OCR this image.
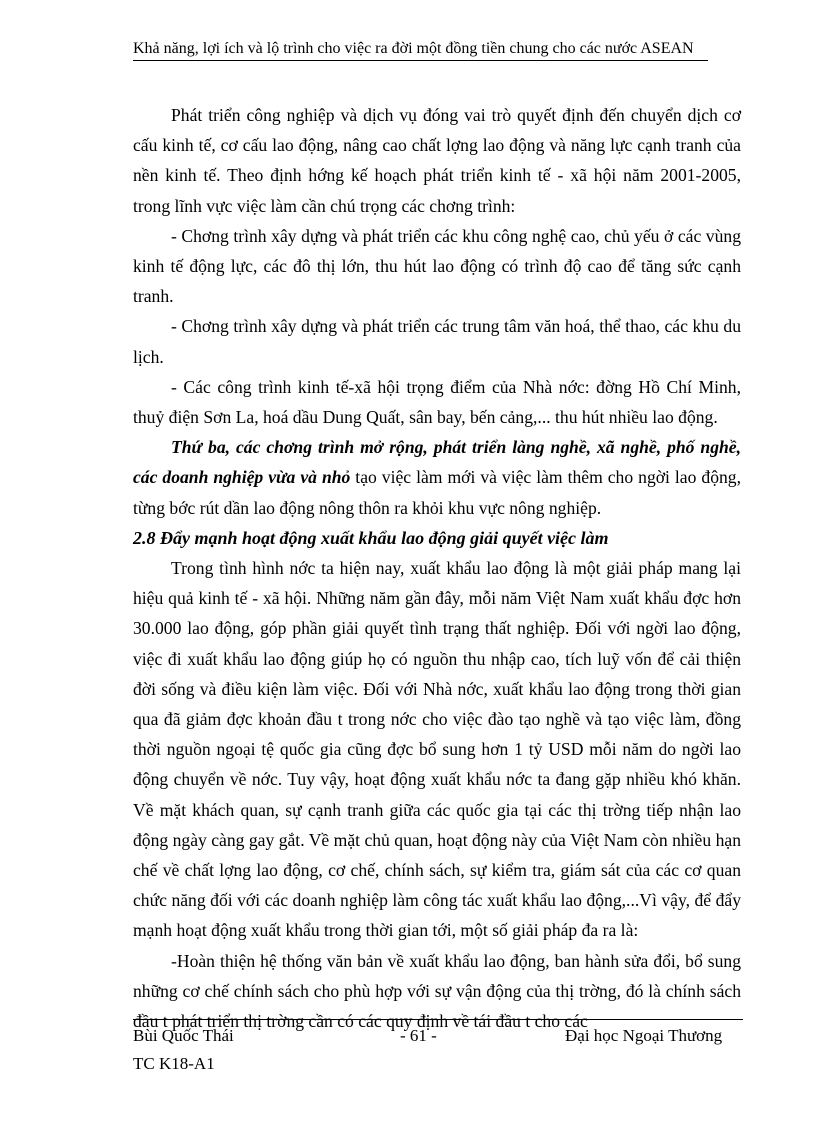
Khả năng, lợi ích và lộ trình cho việc ra đời một đồng tiền chung cho các nước ASEAN

Phát triển công nghiệp và dịch vụ đóng vai trò quyết định đến chuyển dịch cơ cấu kinh tế, cơ cấu lao động, nâng cao chất lợng lao động và năng lực cạnh tranh của nền kinh tế. Theo định hớng kế hoạch phát triển kinh tế - xã hội năm 2001-2005, trong lĩnh vực việc làm cần chú trọng các chơng trình:

- Chơng trình xây dựng và phát triển các khu công nghệ cao, chủ yếu ở các vùng kinh tế động lực, các đô thị lớn, thu hút lao động có trình độ cao để tăng sức cạnh tranh.

- Chơng trình xây dựng và phát triển các trung tâm văn hoá, thể thao, các khu du lịch.

- Các công trình kinh tế-xã hội trọng điểm của Nhà nớc: đờng Hồ Chí Minh, thuỷ điện Sơn La, hoá dầu Dung Quất, sân bay, bến cảng,... thu hút nhiều lao động.

Thứ ba, các chơng trình mở rộng, phát triển làng nghề, xã nghề, phố nghề, các doanh nghiệp vừa và nhỏ tạo việc làm mới và việc làm thêm cho ngời lao động, từng bớc rút dần lao động nông thôn ra khỏi khu vực nông nghiệp.

2.8 Đẩy mạnh hoạt động xuất khẩu lao động giải quyết việc làm

Trong tình hình nớc ta hiện nay, xuất khẩu lao động là một giải pháp mang lại hiệu quả kinh tế - xã hội. Những năm gần đây, mỗi năm Việt Nam xuất khẩu đợc hơn 30.000 lao động, góp phần giải quyết tình trạng thất nghiệp. Đối với ngời lao động, việc đi xuất khẩu lao động giúp họ có nguồn thu nhập cao, tích luỹ vốn để cải thiện đời sống và điều kiện làm việc. Đối với Nhà nớc, xuất khẩu lao động trong thời gian qua đã giảm đợc khoản đầu t trong nớc cho việc đào tạo nghề và tạo việc làm, đồng thời nguồn ngoại tệ quốc gia cũng đợc bổ sung hơn 1 tỷ USD mỗi năm do ngời lao động chuyển về nớc. Tuy vậy, hoạt động xuất khẩu nớc ta đang gặp nhiều khó khăn. Về mặt khách quan, sự cạnh tranh giữa các quốc gia tại các thị trờng tiếp nhận lao động ngày càng gay gắt. Về mặt chủ quan, hoạt động này của Việt Nam còn nhiều hạn chế về chất lợng lao động, cơ chế, chính sách, sự kiểm tra, giám sát của các cơ quan chức năng đối với các doanh nghiệp làm công tác xuất khẩu lao động,...Vì vậy, để đẩy mạnh hoạt động xuất khẩu trong thời gian tới, một số giải pháp đa ra là:

-Hoàn thiện hệ thống văn bản về xuất khẩu lao động, ban hành sửa đổi, bổ sung những cơ chế chính sách cho phù hợp với sự vận động của thị trờng, đó là chính sách đầu t phát triển thị trờng cần có các quy định về tái đầu t cho các

Bùi Quốc Thái
TC K18-A1
- 61 -	Đại học Ngoại Thương
